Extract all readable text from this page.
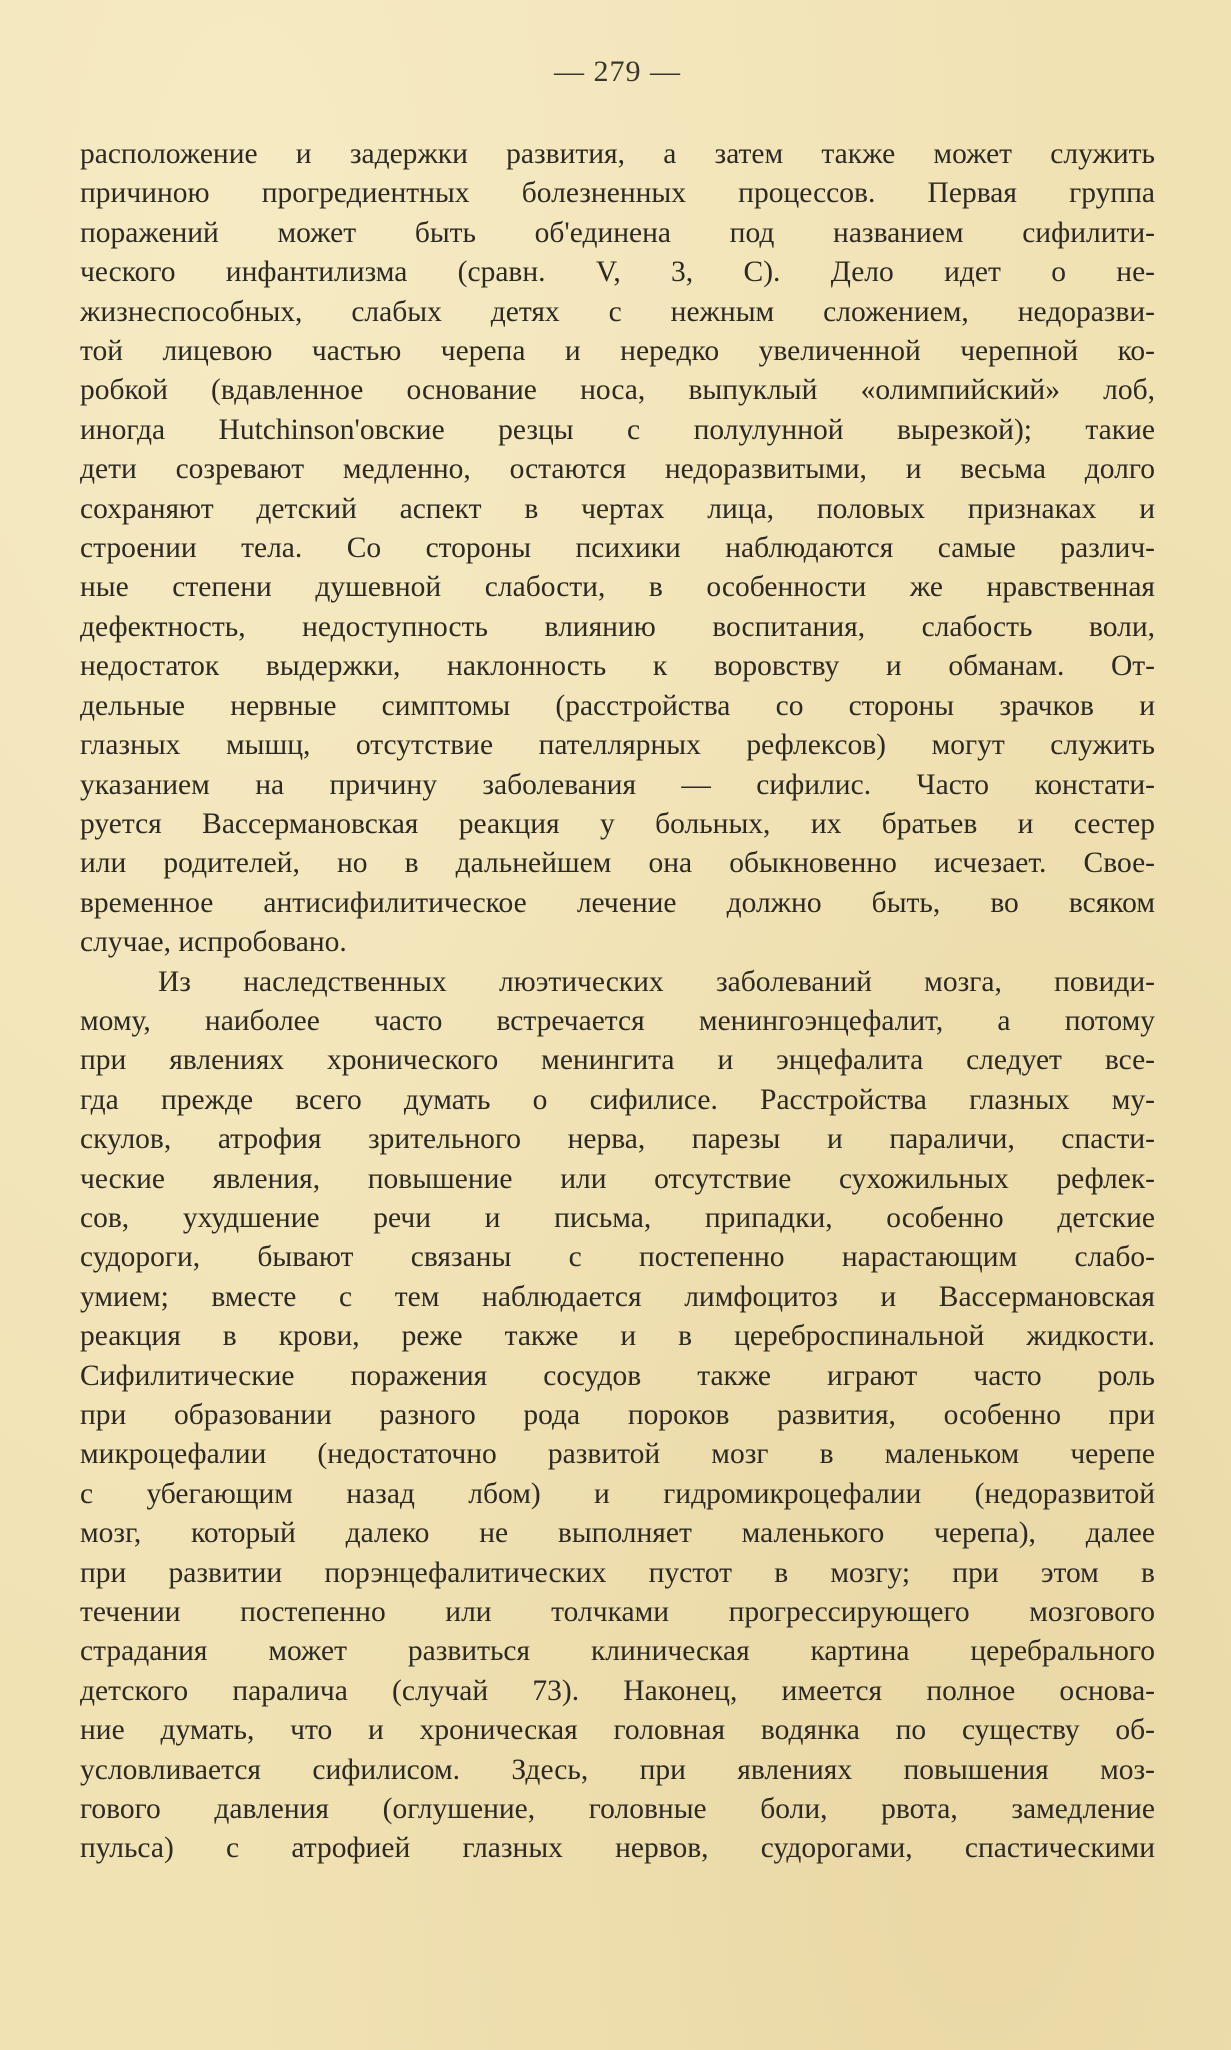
— 279 —
расположение и задержки развития, а затем также может служить
причиною прогредиентных болезненных процессов. Первая группа
поражений может быть об'единена под названием сифилити-
ческого инфантилизма (сравн. V, 3, С). Дело идет о не-
жизнеспособных, слабых детях с нежным сложением, недоразви-
той лицевою частью черепа и нередко увеличенной черепной ко-
робкой (вдавленное основание носа, выпуклый «олимпийский» лоб,
иногда Hutchinson'овские резцы с полулунной вырезкой); такие
дети созревают медленно, остаются недоразвитыми, и весьма долго
сохраняют детский аспект в чертах лица, половых признаках и
строении тела. Со стороны психики наблюдаются самые различ-
ные степени душевной слабости, в особенности же нравственная
дефектность, недоступность влиянию воспитания, слабость воли,
недостаток выдержки, наклонность к воровству и обманам. От-
дельные нервные симптомы (расстройства со стороны зрачков и
глазных мышц, отсутствие пателлярных рефлексов) могут служить
указанием на причину заболевания — сифилис. Часто констати-
руется Вассермановская реакция у больных, их братьев и сестер
или родителей, но в дальнейшем она обыкновенно исчезает. Свое-
временное антисифилитическое лечение должно быть, во всяком
случае, испробовано.
Из наследственных люэтических заболеваний мозга, повиди-
мому, наиболее часто встречается менингоэнцефалит, а потому
при явлениях хронического менингита и энцефалита следует все-
гда прежде всего думать о сифилисе. Расстройства глазных му-
скулов, атрофия зрительного нерва, парезы и параличи, спасти-
ческие явления, повышение или отсутствие сухожильных рефлек-
сов, ухудшение речи и письма, припадки, особенно детские
судороги, бывают связаны с постепенно нарастающим слабо-
умием; вместе с тем наблюдается лимфоцитоз и Вассермановская
реакция в крови, реже также и в цереброспинальной жидкости.
Сифилитические поражения сосудов также играют часто роль
при образовании разного рода пороков развития, особенно при
микроцефалии (недостаточно развитой мозг в маленьком черепе
с убегающим назад лбом) и гидромикроцефалии (недоразвитой
мозг, который далеко не выполняет маленького черепа), далее
при развитии порэнцефалитических пустот в мозгу; при этом в
течении постепенно или толчками прогрессирующего мозгового
страдания может развиться клиническая картина церебрального
детского паралича (случай 73). Наконец, имеется полное основа-
ние думать, что и хроническая головная водянка по существу об-
условливается сифилисом. Здесь, при явлениях повышения моз-
гового давления (оглушение, головные боли, рвота, замедление
пульса) с атрофией глазных нервов, судорогами, спастическими
